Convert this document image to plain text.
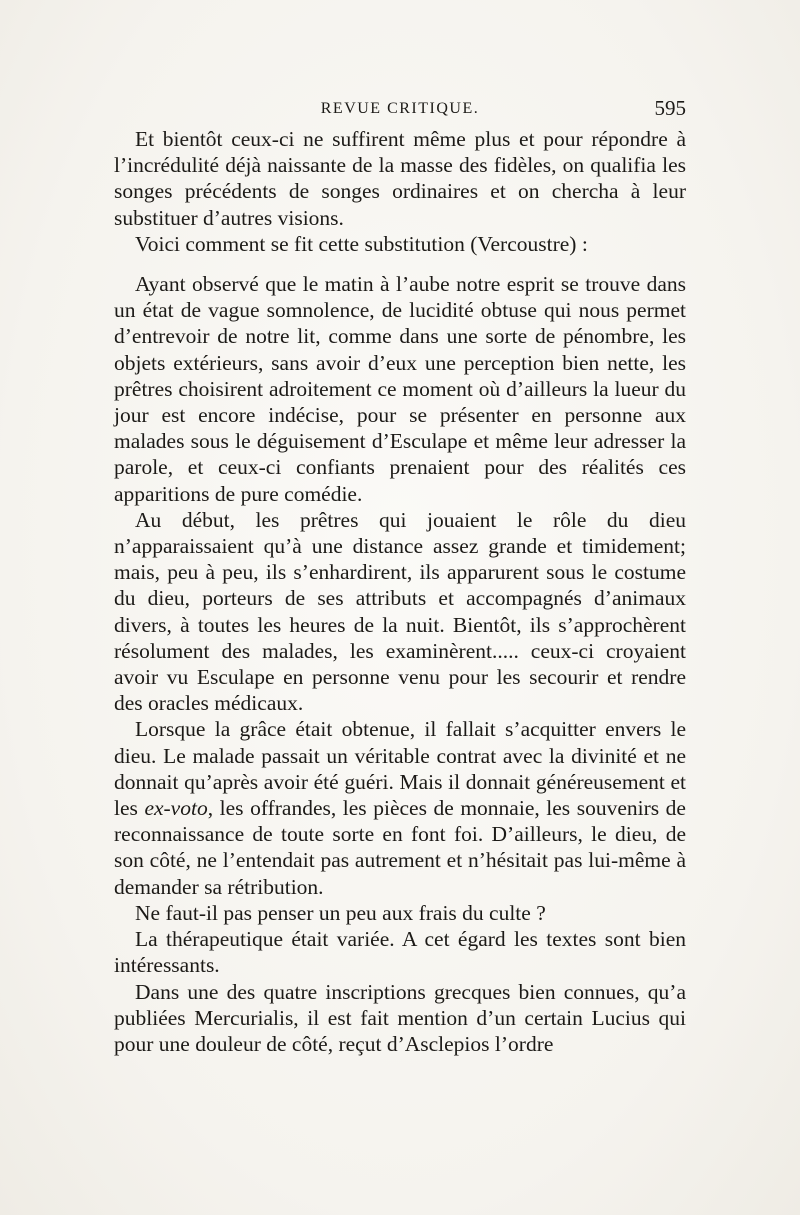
REVUE CRITIQUE.	595

Et bientôt ceux-ci ne suffirent même plus et pour répondre à l’incrédulité déjà naissante de la masse des fidèles, on qualifia les songes précédents de songes ordinaires et on chercha à leur substituer d’autres visions.

Voici comment se fit cette substitution (Vercoustre) :

Ayant observé que le matin à l’aube notre esprit se trouve dans un état de vague somnolence, de lucidité obtuse qui nous permet d’entrevoir de notre lit, comme dans une sorte de pénombre, les objets extérieurs, sans avoir d’eux une perception bien nette, les prêtres choisirent adroitement ce moment où d’ailleurs la lueur du jour est encore indécise, pour se présenter en personne aux malades sous le déguisement d’Esculape et même leur adresser la parole, et ceux-ci confiants prenaient pour des réalités ces apparitions de pure comédie.

Au début, les prêtres qui jouaient le rôle du dieu n’apparaissaient qu’à une distance assez grande et timidement; mais, peu à peu, ils s’enhardirent, ils apparurent sous le costume du dieu, porteurs de ses attributs et accompagnés d’animaux divers, à toutes les heures de la nuit. Bientôt, ils s’approchèrent résolument des malades, les examinèrent..... ceux-ci croyaient avoir vu Esculape en personne venu pour les secourir et rendre des oracles médicaux.

Lorsque la grâce était obtenue, il fallait s’acquitter envers le dieu. Le malade passait un véritable contrat avec la divinité et ne donnait qu’après avoir été guéri. Mais il donnait généreusement et les ex-voto, les offrandes, les pièces de monnaie, les souvenirs de reconnaissance de toute sorte en font foi. D’ailleurs, le dieu, de son côté, ne l’entendait pas autrement et n’hésitait pas lui-même à demander sa rétribution.

Ne faut-il pas penser un peu aux frais du culte ?

La thérapeutique était variée. A cet égard les textes sont bien intéressants.

Dans une des quatre inscriptions grecques bien connues, qu’a publiées Mercurialis, il est fait mention d’un certain Lucius qui pour une douleur de côté, reçut d’Asclepios l’ordre
